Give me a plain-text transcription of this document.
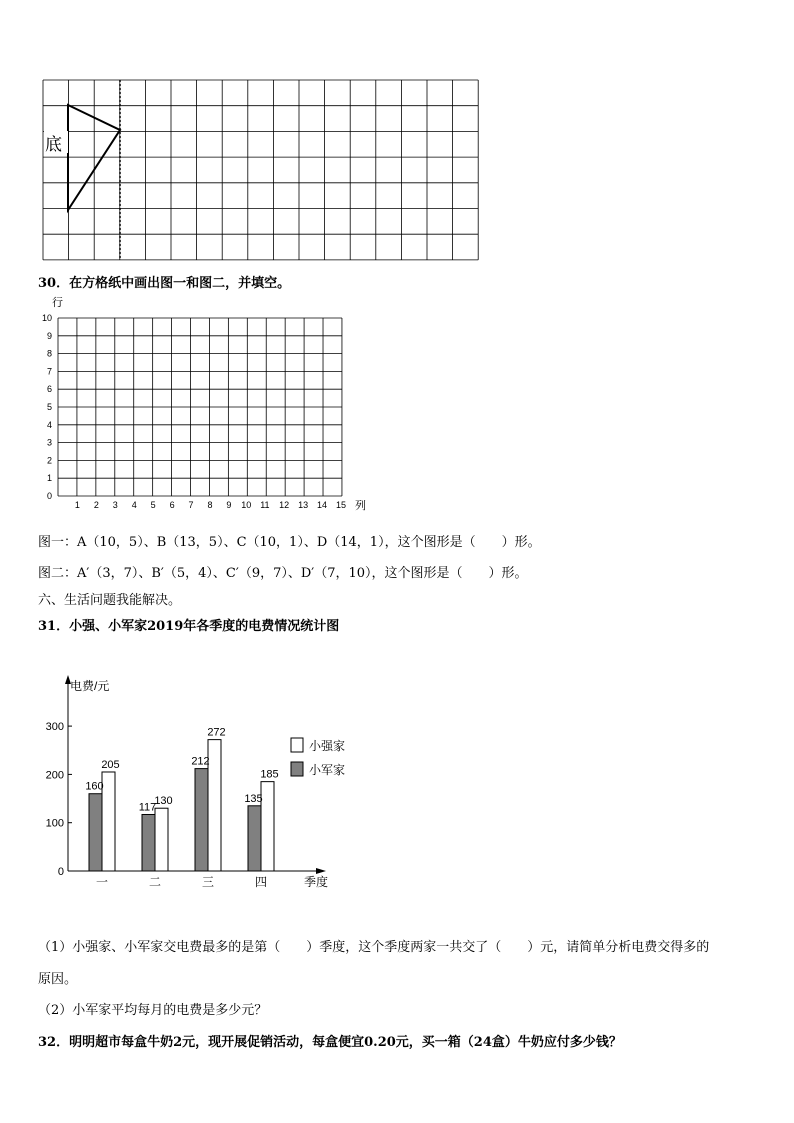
底
30．在方格纸中画出图一和图二，并填空。
行
列
1 2 3 4 5 6 7 8 9 10 11 12 13 14 15
0
1
2
3
4
5
6
7
8
9
10
图一：A（10，5）、B（13，5）、C（10，1）、D（14，1），这个图形是（　　）形。
图二：A′（3，7）、B′（5，4）、C′（9，7）、D′（7，10），这个图形是（　　）形。
六、生活问题我能解决。
31．小强、小军家2019年各季度的电费情况统计图
电费/元
季度
0
100
200
300
160
205
一
117
130
二
212
272
三
135
185
四
小强家
小军家
（1）小强家、小军家交电费最多的是第（　　）季度，这个季度两家一共交了（　　）元，请简单分析电费交得多的
原因。
（2）小军家平均每月的电费是多少元？
32．明明超市每盒牛奶2元，现开展促销活动，每盒便宜0.20元，买一箱（24盒）牛奶应付多少钱？
